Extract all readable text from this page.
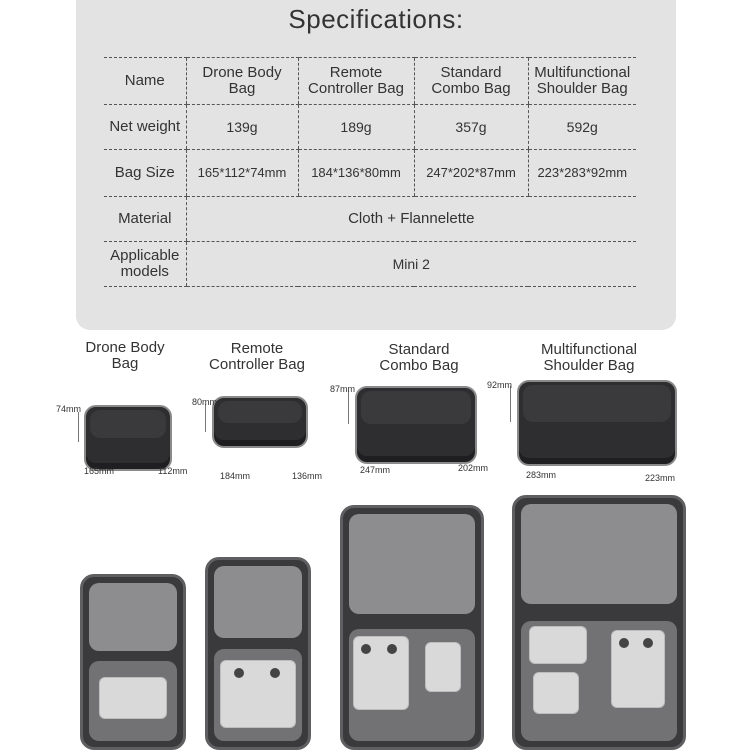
Specifications:
Name	Drone Body Bag	Remote Controller Bag	Standard Combo Bag	Multifunctional Shoulder Bag
Net weight	139g	189g	357g	592g
Bag Size	165*112*74mm	184*136*80mm	247*202*87mm	223*283*92mm
Material	Cloth + Flannelette			
Applicable models	Mini 2			
Drone Body Bag
Remote Controller Bag
Standard Combo Bag
Multifunctional Shoulder Bag
74mm
165mm	112mm
80mm
184mm	136mm
87mm
247mm	202mm
92mm
283mm	223mm
